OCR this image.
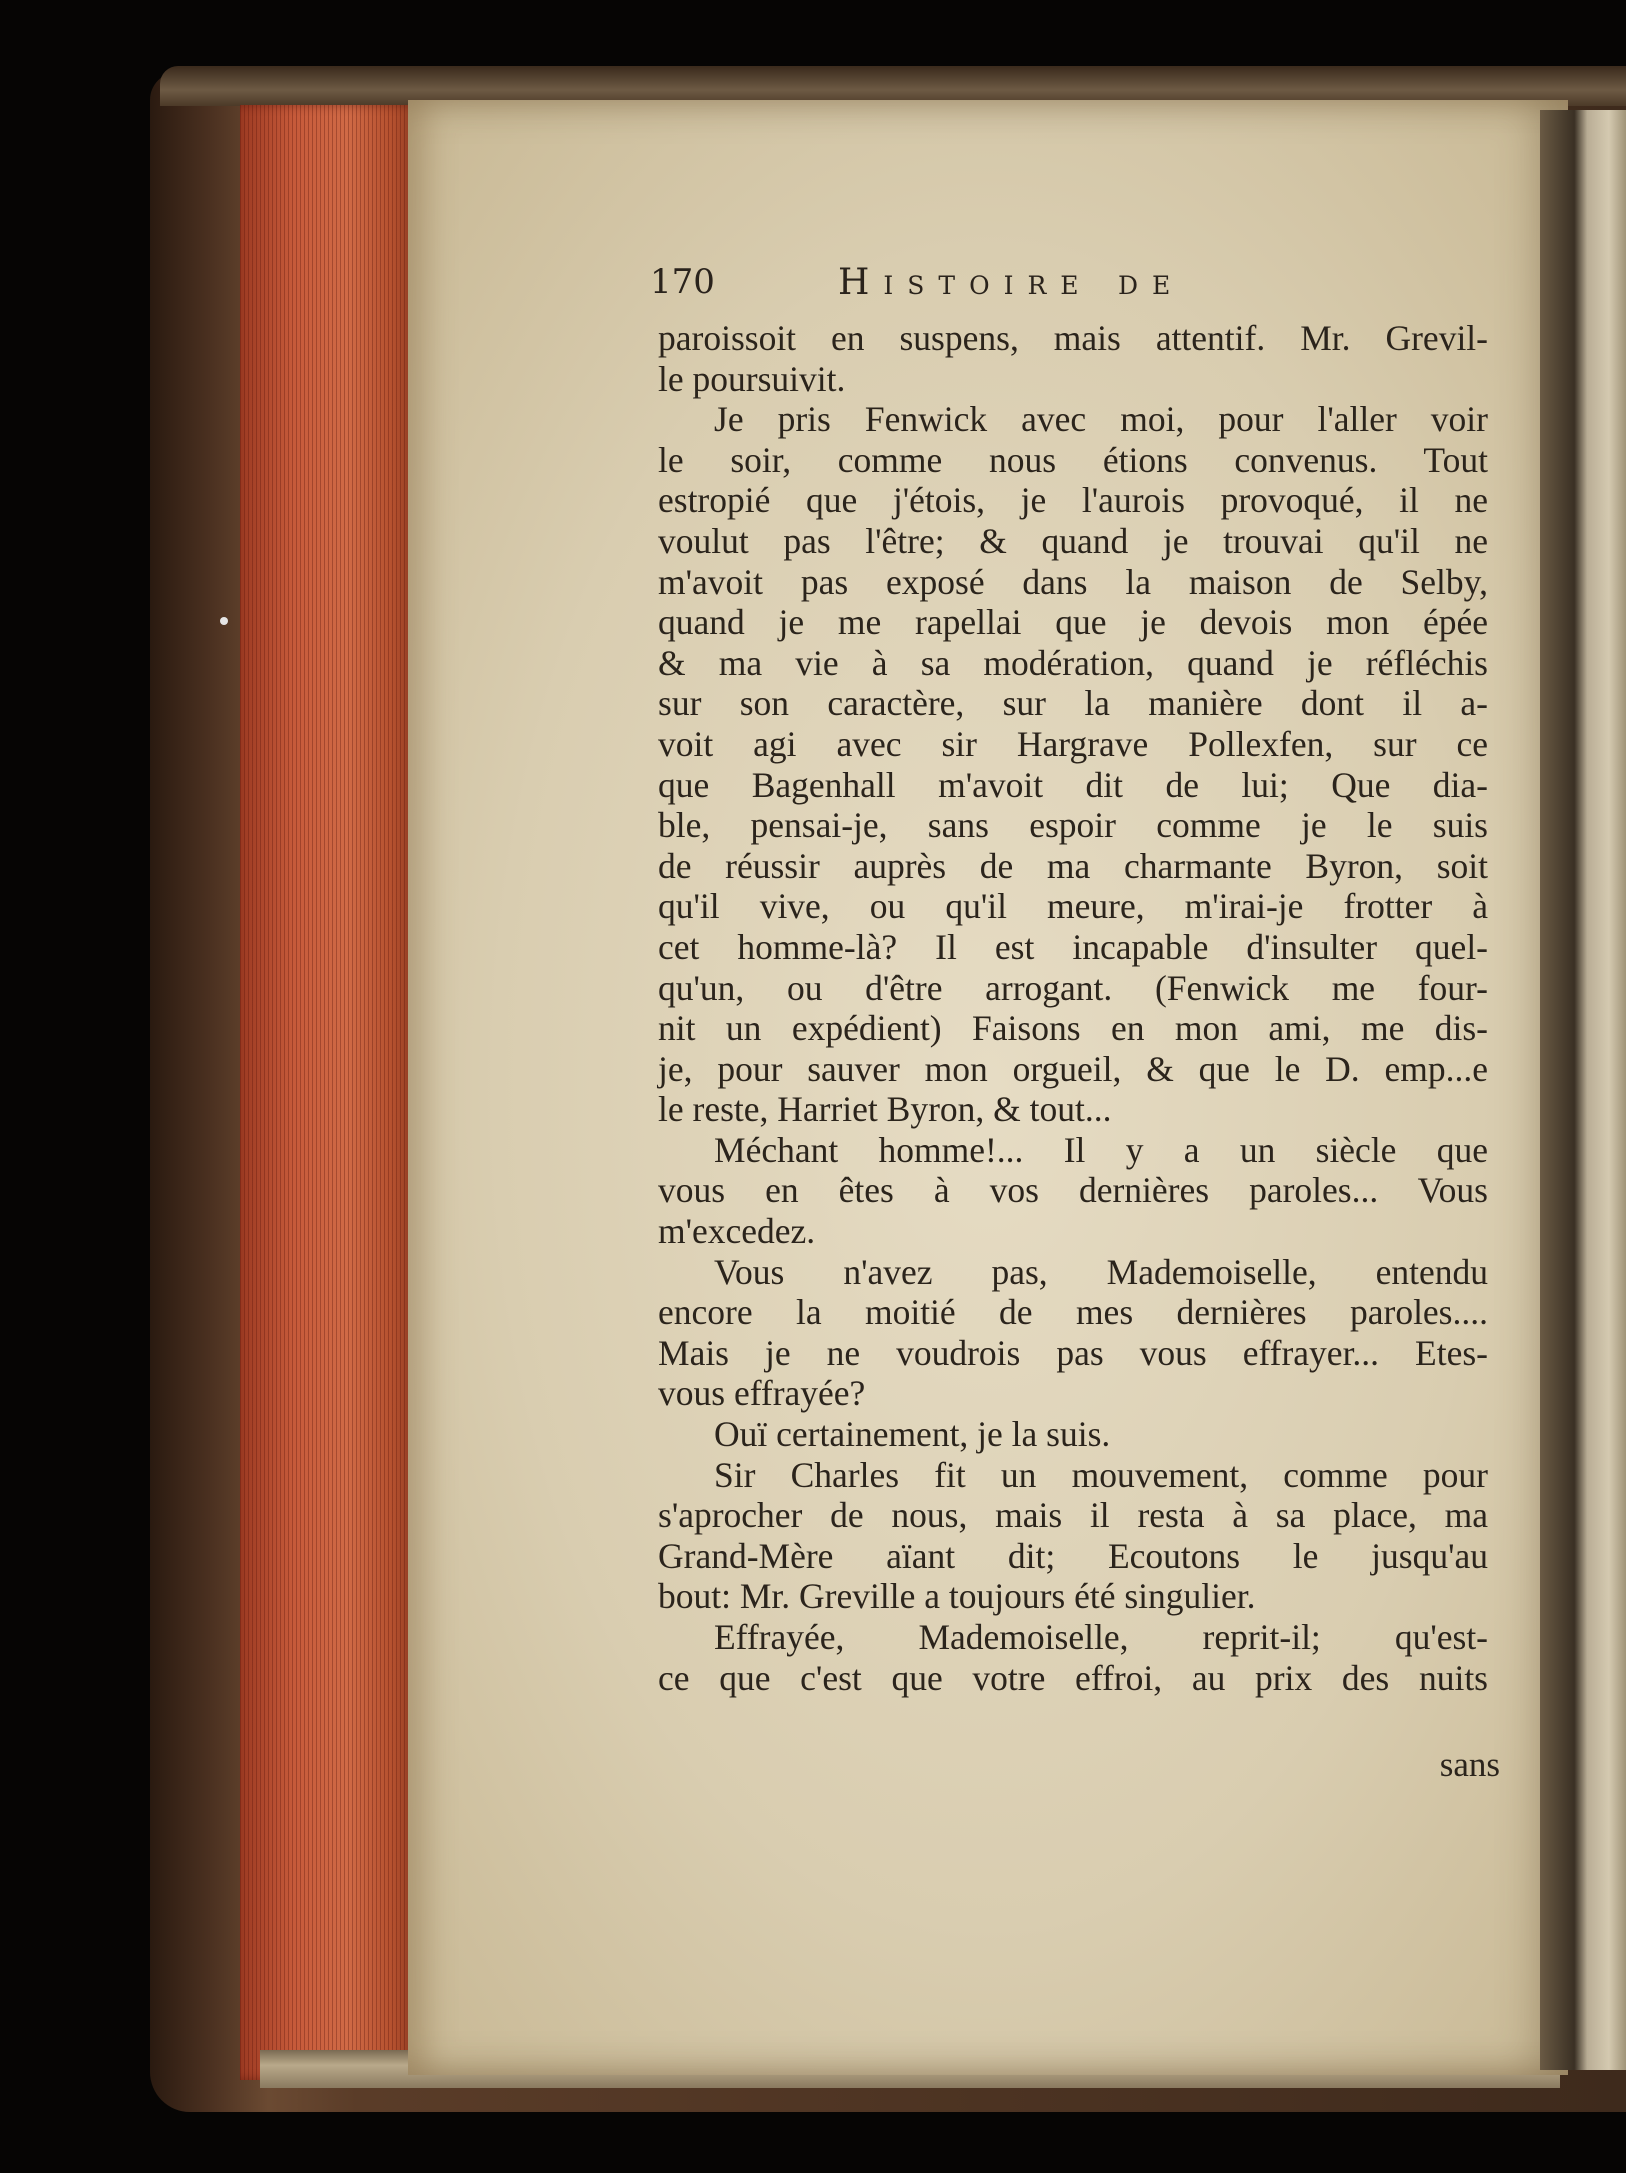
170	Histoire de
paroissoit en suspens, mais attentif. Mr. Grevil-
le poursuivit.
Je pris Fenwick avec moi, pour l'aller voir
le soir, comme nous étions convenus. Tout
estropié que j'étois, je l'aurois provoqué, il ne
voulut pas l'être; & quand je trouvai qu'il ne
m'avoit pas exposé dans la maison de Selby,
quand je me rapellai que je devois mon épée
& ma vie à sa modération, quand je réfléchis
sur son caractère, sur la manière dont il a-
voit agi avec sir Hargrave Pollexfen, sur ce
que Bagenhall m'avoit dit de lui; Que dia-
ble, pensai-je, sans espoir comme je le suis
de réussir auprès de ma charmante Byron, soit
qu'il vive, ou qu'il meure, m'irai-je frotter à
cet homme-là? Il est incapable d'insulter quel-
qu'un, ou d'être arrogant. (Fenwick me four-
nit un expédient) Faisons en mon ami, me dis-
je, pour sauver mon orgueil, & que le D. emp...e
le reste, Harriet Byron, & tout...
Méchant homme!... Il y a un siècle que
vous en êtes à vos dernières paroles... Vous
m'excedez.
Vous n'avez pas, Mademoiselle, entendu
encore la moitié de mes dernières paroles....
Mais je ne voudrois pas vous effrayer... Etes-
vous effrayée?
Ouï certainement, je la suis.
Sir Charles fit un mouvement, comme pour
s'aprocher de nous, mais il resta à sa place, ma
Grand-Mère aïant dit; Ecoutons le jusqu'au
bout: Mr. Greville a toujours été singulier.
Effrayée, Mademoiselle, reprit-il; qu'est-
ce que c'est que votre effroi, au prix des nuits
sans
